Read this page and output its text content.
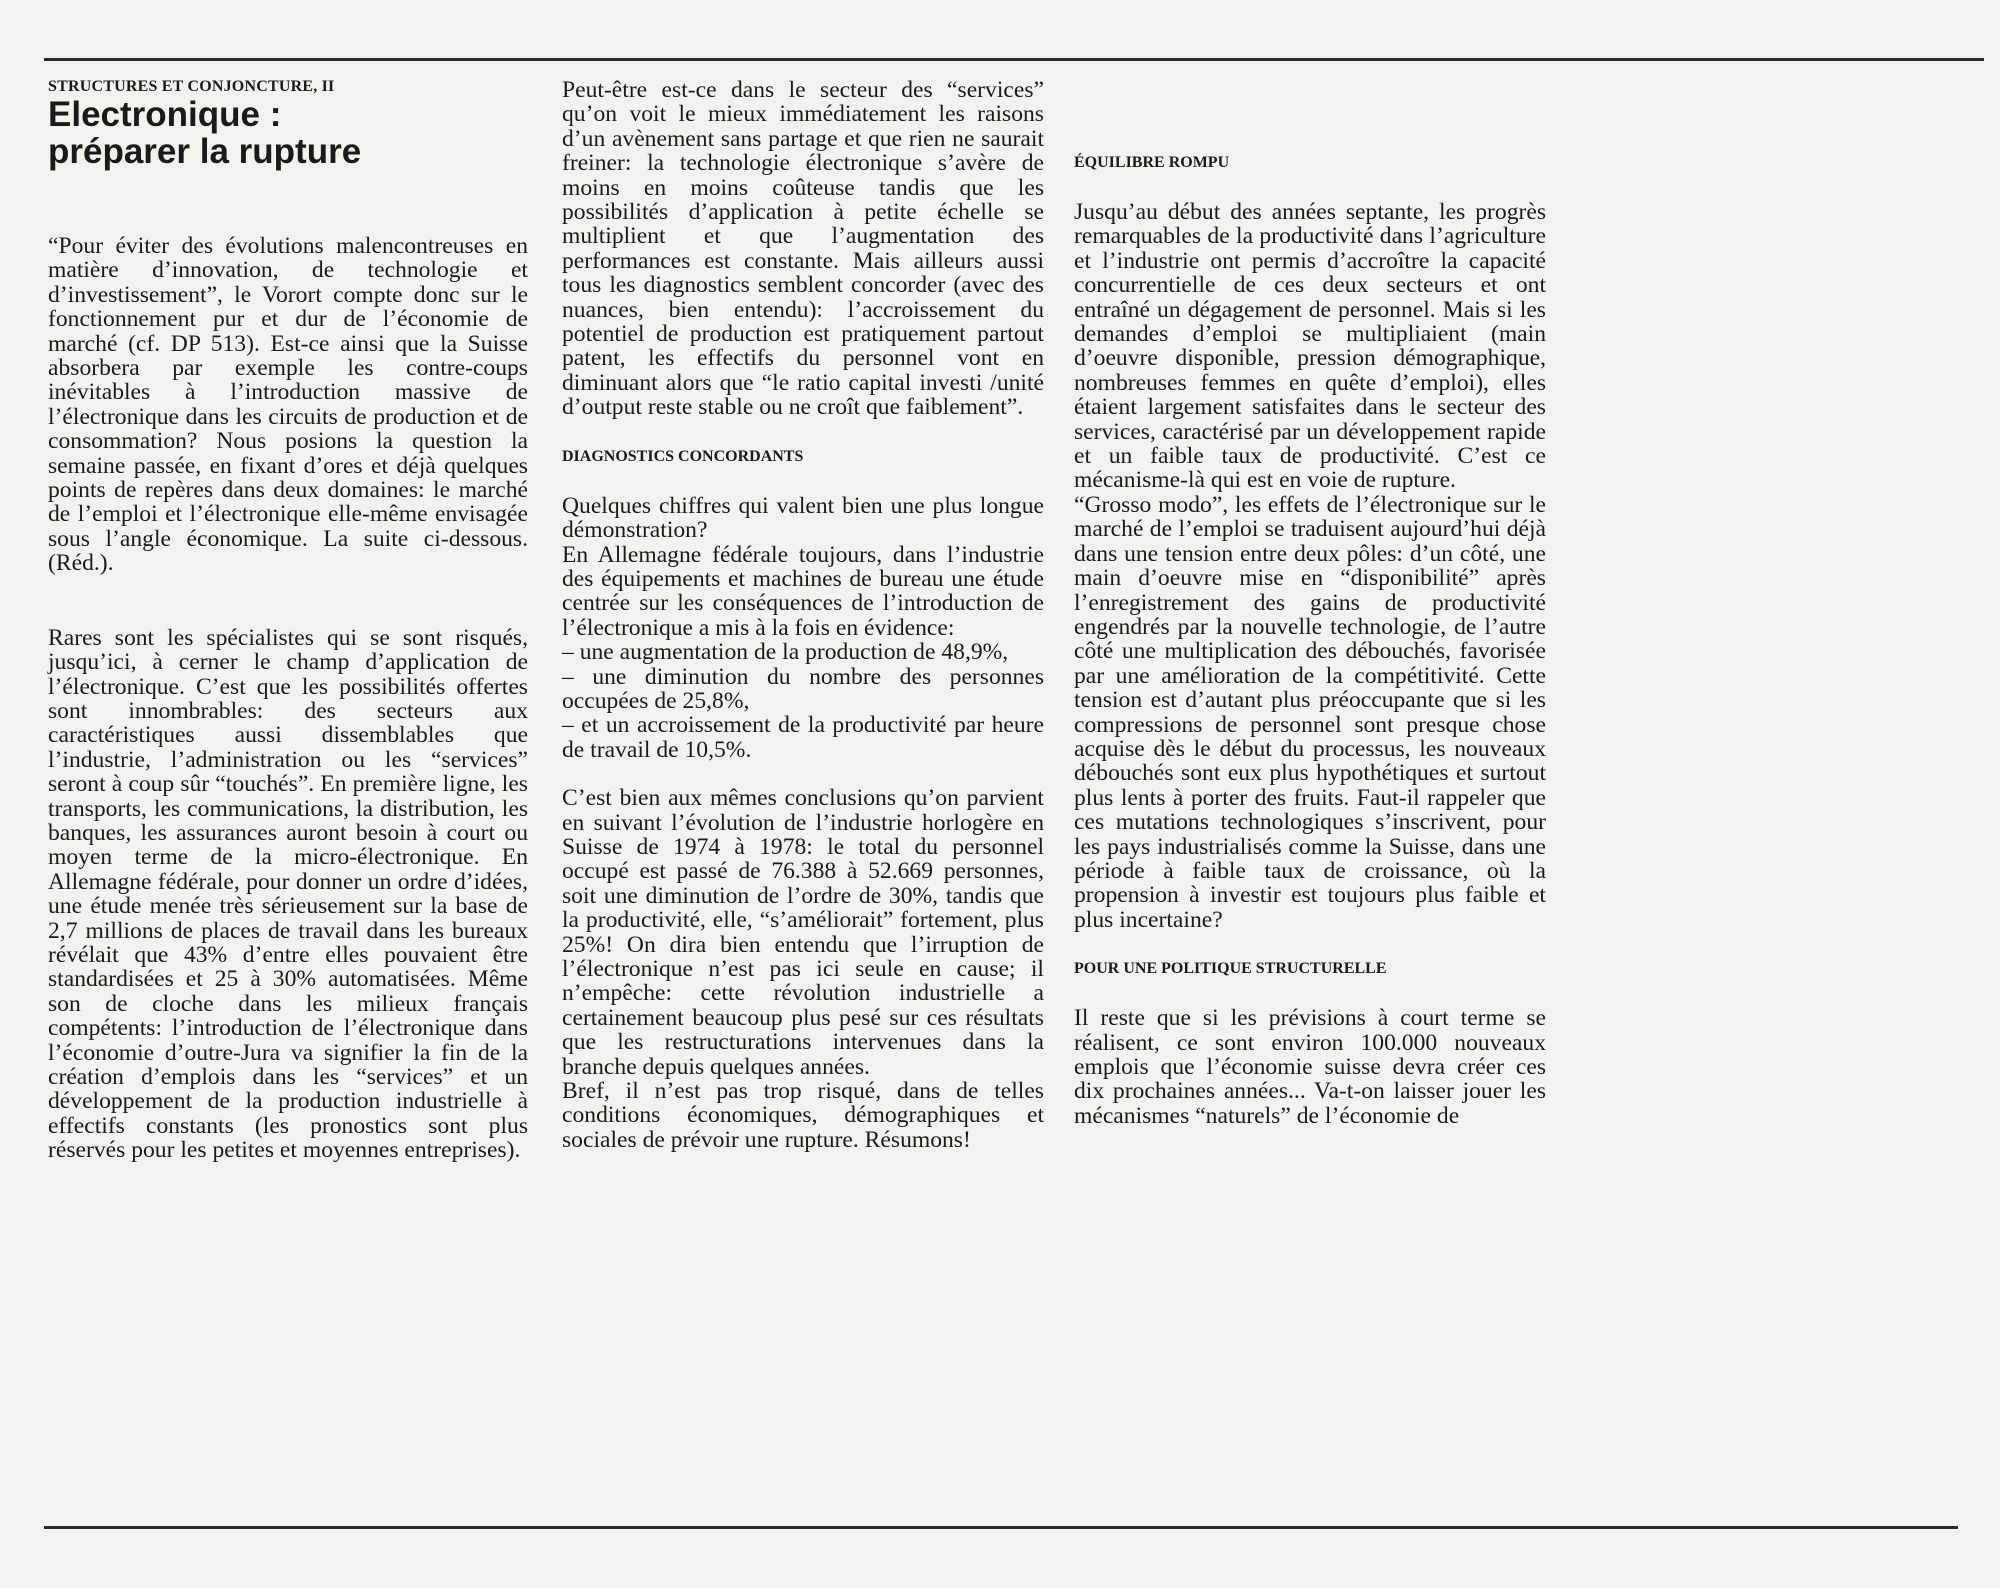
STRUCTURES ET CONJONCTURE, II

Electronique :
préparer la rupture

“Pour éviter des évolutions malencontreuses en matière d’innovation, de technologie et d’investissement”, le Vorort compte donc sur le fonctionnement pur et dur de l’économie de marché (cf. DP 513). Est-ce ainsi que la Suisse absorbera par exemple les contre-coups inévitables à l’introduction massive de l’électronique dans les circuits de production et de consommation? Nous posions la question la semaine passée, en fixant d’ores et déjà quelques points de repères dans deux domaines: le marché de l’emploi et l’électronique elle-même envisagée sous l’angle économique. La suite ci-dessous. (Réd.).

Rares sont les spécialistes qui se sont risqués, jusqu’ici, à cerner le champ d’application de l’électronique. C’est que les possibilités offertes sont innombrables: des secteurs aux caractéristiques aussi dissemblables que l’industrie, l’administration ou les “services” seront à coup sûr “touchés”. En première ligne, les transports, les communications, la distribution, les banques, les assurances auront besoin à court ou moyen terme de la micro-électronique. En Allemagne fédérale, pour donner un ordre d’idées, une étude menée très sérieusement sur la base de 2,7 millions de places de travail dans les bureaux révélait que 43% d’entre elles pouvaient être standardisées et 25 à 30% automatisées. Même son de cloche dans les milieux français compétents: l’introduction de l’électronique dans l’économie d’outre-Jura va signifier la fin de la création d’emplois dans les “services” et un développement de la production industrielle à effectifs constants (les pronostics sont plus réservés pour les petites et moyennes entreprises).

Peut-être est-ce dans le secteur des “services” qu’on voit le mieux immédiatement les raisons d’un avènement sans partage et que rien ne saurait freiner: la technologie électronique s’avère de moins en moins coûteuse tandis que les possibilités d’application à petite échelle se multiplient et que l’augmentation des performances est constante. Mais ailleurs aussi tous les diagnostics semblent concorder (avec des nuances, bien entendu): l’accroissement du potentiel de production est pratiquement partout patent, les effectifs du personnel vont en diminuant alors que “le ratio capital investi /unité d’output reste stable ou ne croît que faiblement”.

DIAGNOSTICS CONCORDANTS

Quelques chiffres qui valent bien une plus longue démonstration?

En Allemagne fédérale toujours, dans l’industrie des équipements et machines de bureau une étude centrée sur les conséquences de l’introduction de l’électronique a mis à la fois en évidence:

– une augmentation de la production de 48,9%,

– une diminution du nombre des personnes occupées de 25,8%,

– et un accroissement de la productivité par heure de travail de 10,5%.

C’est bien aux mêmes conclusions qu’on parvient en suivant l’évolution de l’industrie horlogère en Suisse de 1974 à 1978: le total du personnel occupé est passé de 76.388 à 52.669 personnes, soit une diminution de l’ordre de 30%, tandis que la productivité, elle, “s’améliorait” fortement, plus 25%! On dira bien entendu que l’irruption de l’électronique n’est pas ici seule en cause; il n’empêche: cette révolution industrielle a certainement beaucoup plus pesé sur ces résultats que les restructurations intervenues dans la branche depuis quelques années.

Bref, il n’est pas trop risqué, dans de telles conditions économiques, démographiques et sociales de prévoir une rupture. Résumons!

ÉQUILIBRE ROMPU

Jusqu’au début des années septante, les progrès remarquables de la productivité dans l’agriculture et l’industrie ont permis d’accroître la capacité concurrentielle de ces deux secteurs et ont entraîné un dégagement de personnel. Mais si les demandes d’emploi se multipliaient (main d’oeuvre disponible, pression démographique, nombreuses femmes en quête d’emploi), elles étaient largement satisfaites dans le secteur des services, caractérisé par un développement rapide et un faible taux de productivité. C’est ce mécanisme-là qui est en voie de rupture.

“Grosso modo”, les effets de l’électronique sur le marché de l’emploi se traduisent aujourd’hui déjà dans une tension entre deux pôles: d’un côté, une main d’oeuvre mise en “disponibilité” après l’enregistrement des gains de productivité engendrés par la nouvelle technologie, de l’autre côté une multiplication des débouchés, favorisée par une amélioration de la compétitivité. Cette tension est d’autant plus préoccupante que si les compressions de personnel sont presque chose acquise dès le début du processus, les nouveaux débouchés sont eux plus hypothétiques et surtout plus lents à porter des fruits. Faut-il rappeler que ces mutations technologiques s’inscrivent, pour les pays industrialisés comme la Suisse, dans une période à faible taux de croissance, où la propension à investir est toujours plus faible et plus incertaine?

POUR UNE POLITIQUE STRUCTURELLE

Il reste que si les prévisions à court terme se réalisent, ce sont environ 100.000 nouveaux emplois que l’économie suisse devra créer ces dix prochaines années... Va-t-on laisser jouer les mécanismes “naturels” de l’économie de
